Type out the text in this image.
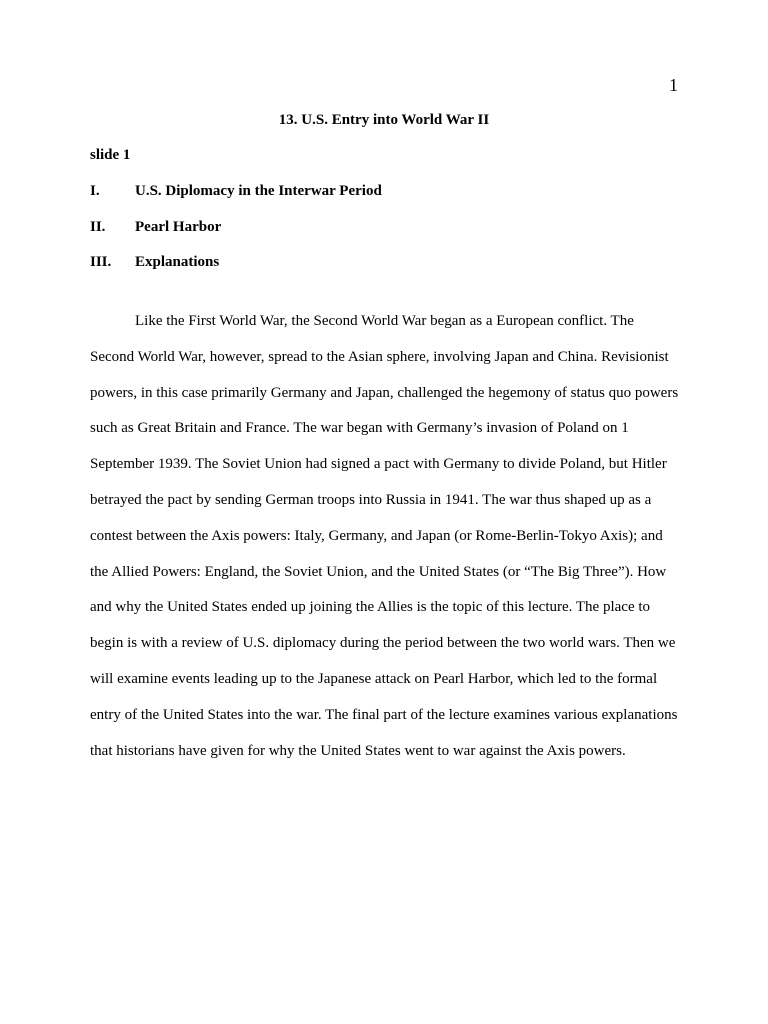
1
13. U.S. Entry into World War II
slide 1
I.	U.S. Diplomacy in the Interwar Period
II.	Pearl Harbor
III.	Explanations

Like the First World War, the Second World War began as a European conflict. The Second World War, however, spread to the Asian sphere, involving Japan and China. Revisionist powers, in this case primarily Germany and Japan, challenged the hegemony of status quo powers such as Great Britain and France. The war began with Germany’s invasion of Poland on 1 September 1939. The Soviet Union had signed a pact with Germany to divide Poland, but Hitler betrayed the pact by sending German troops into Russia in 1941. The war thus shaped up as a contest between the Axis powers: Italy, Germany, and Japan (or Rome-Berlin-Tokyo Axis); and the Allied Powers: England, the Soviet Union, and the United States (or “The Big Three”). How and why the United States ended up joining the Allies is the topic of this lecture. The place to begin is with a review of U.S. diplomacy during the period between the two world wars. Then we will examine events leading up to the Japanese attack on Pearl Harbor, which led to the formal entry of the United States into the war. The final part of the lecture examines various explanations that historians have given for why the United States went to war against the Axis powers.
